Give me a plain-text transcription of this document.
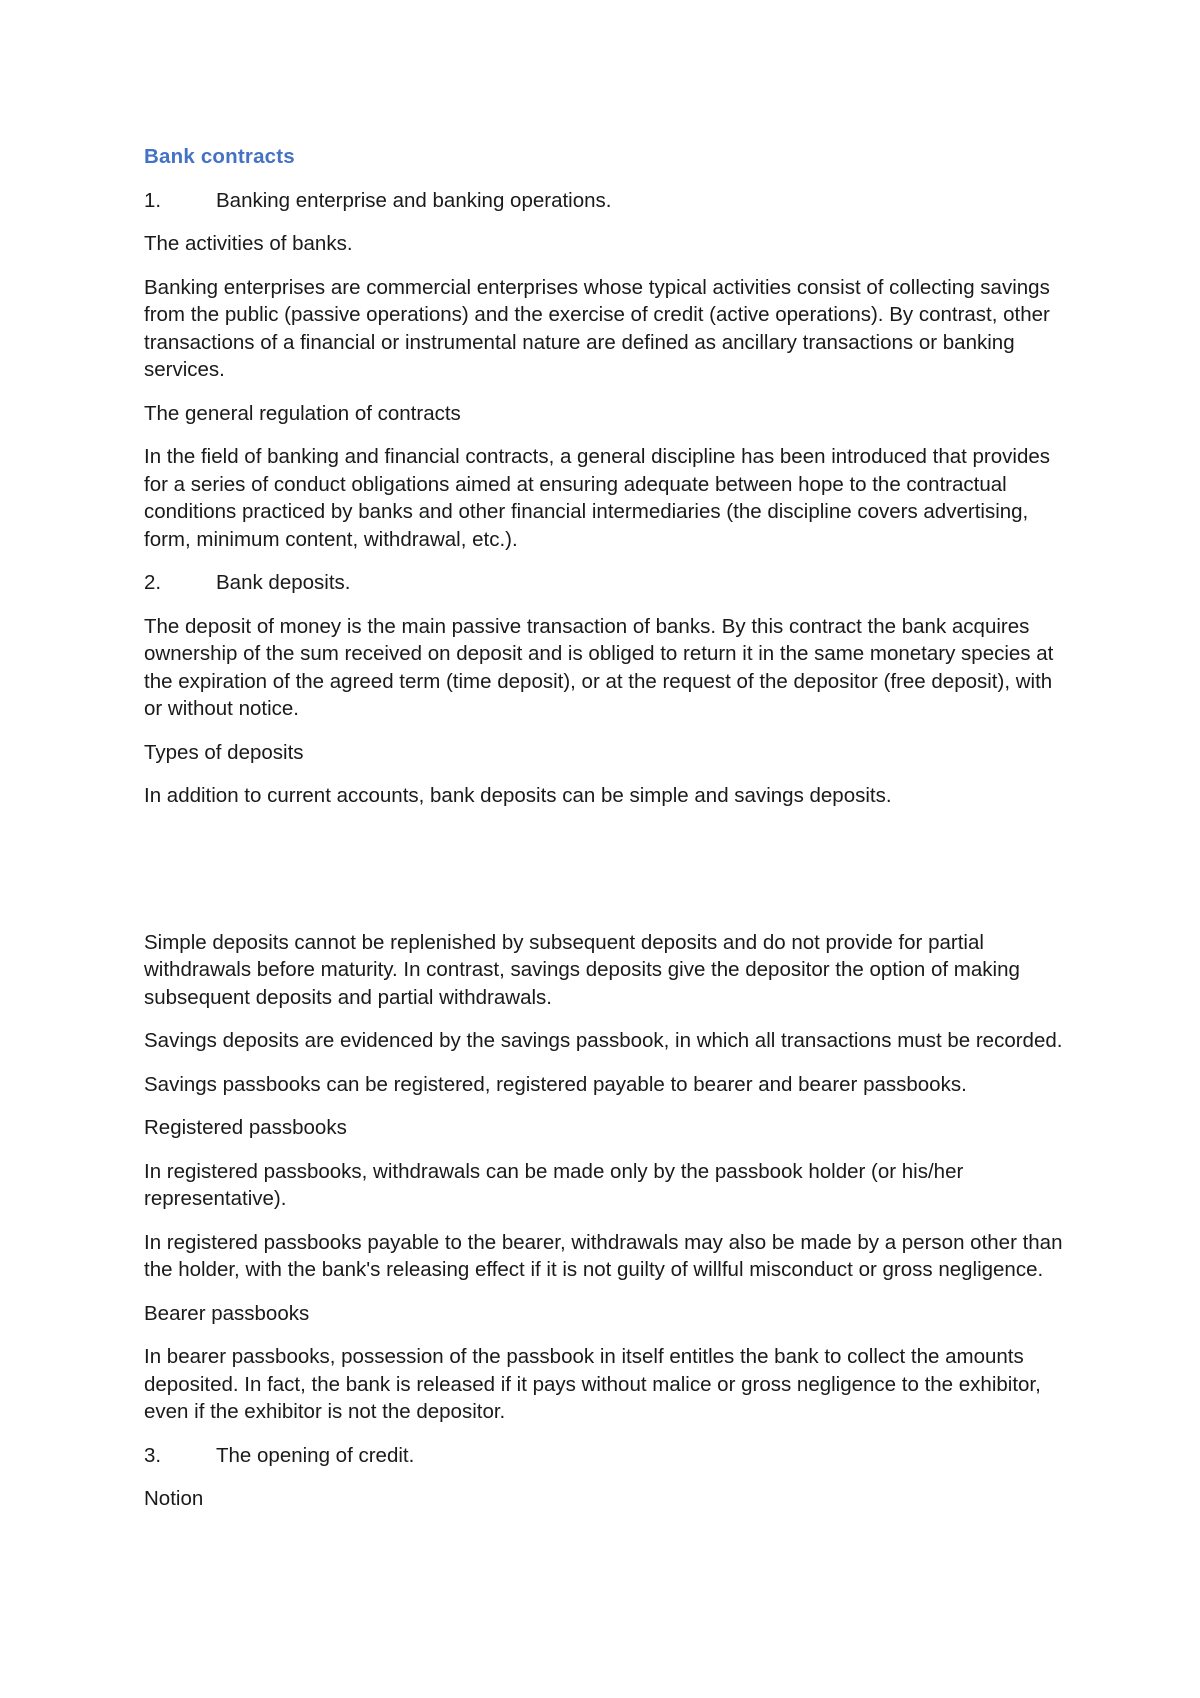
Bank contracts

1.	Banking enterprise and banking operations.

The activities of banks.

Banking enterprises are commercial enterprises whose typical activities consist of collecting savings from the public (passive operations) and the exercise of credit (active operations). By contrast, other transactions of a financial or instrumental nature are defined as ancillary transactions or banking services.

The general regulation of contracts

In the field of banking and financial contracts, a general discipline has been introduced that provides for a series of conduct obligations aimed at ensuring adequate between hope to the contractual conditions practiced by banks and other financial intermediaries (the discipline covers advertising, form, minimum content, withdrawal, etc.).

2.	Bank deposits.

The deposit of money is the main passive transaction of banks. By this contract the bank acquires ownership of the sum received on deposit and is obliged to return it in the same monetary species at the expiration of the agreed term (time deposit), or at the request of the depositor (free deposit), with or without notice.

Types of deposits

In addition to current accounts, bank deposits can be simple and savings deposits.

Simple deposits cannot be replenished by subsequent deposits and do not provide for partial withdrawals before maturity. In contrast, savings deposits give the depositor the option of making subsequent deposits and partial withdrawals.

Savings deposits are evidenced by the savings passbook, in which all transactions must be recorded.

Savings passbooks can be registered, registered payable to bearer and bearer passbooks.

Registered passbooks

In registered passbooks, withdrawals can be made only by the passbook holder (or his/her representative).

In registered passbooks payable to the bearer, withdrawals may also be made by a person other than the holder, with the bank's releasing effect if it is not guilty of willful misconduct or gross negligence.

Bearer passbooks

In bearer passbooks, possession of the passbook in itself entitles the bank to collect the amounts deposited. In fact, the bank is released if it pays without malice or gross negligence to the exhibitor, even if the exhibitor is not the depositor.

3.	The opening of credit.

Notion
